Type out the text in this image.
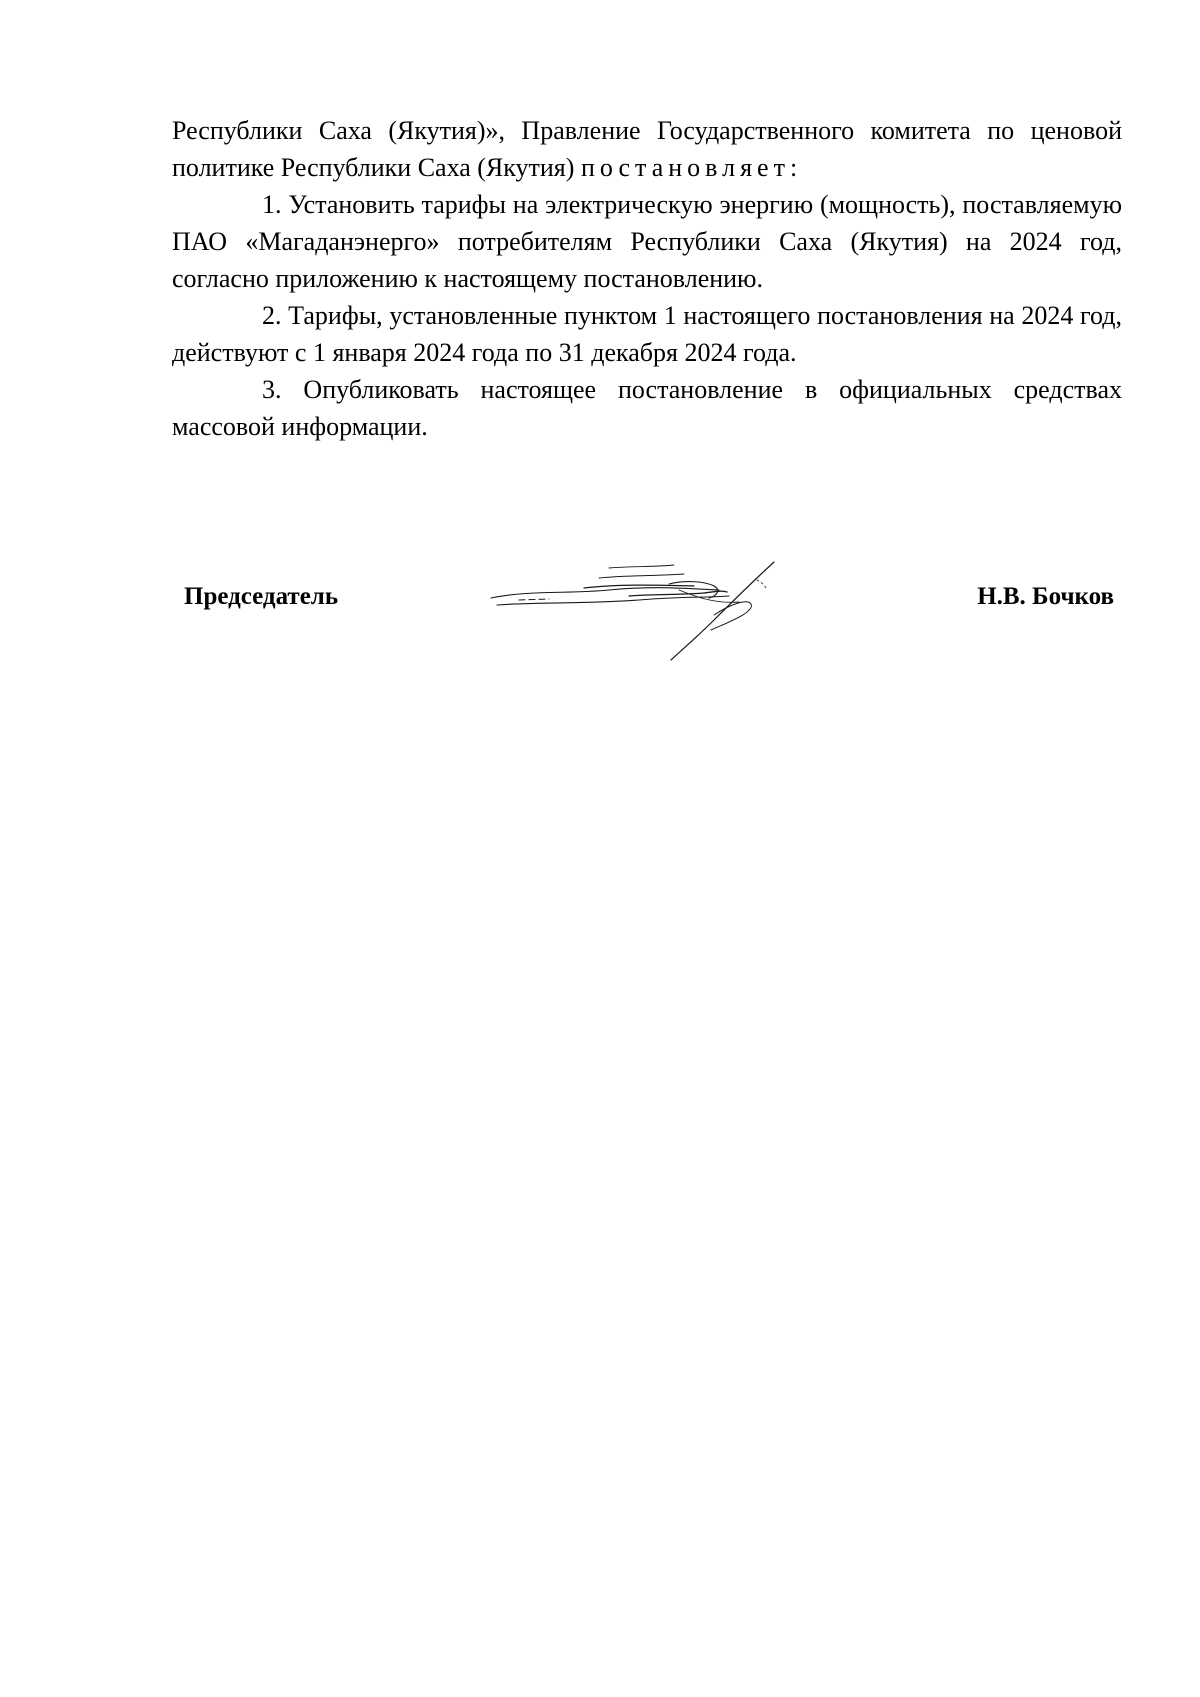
Республики Саха (Якутия)», Правление Государственного комитета по ценовой политике Республики Саха (Якутия) постановляет:

1. Установить тарифы на электрическую энергию (мощность), поставляемую ПАО «Магаданэнерго» потребителям Республики Саха (Якутия) на 2024 год, согласно приложению к настоящему постановлению.

2. Тарифы, установленные пунктом 1 настоящего постановления на 2024 год, действуют с 1 января 2024 года по 31 декабря 2024 года.

3. Опубликовать настоящее постановление в официальных средствах массовой информации.

Председатель	Н.В. Бочков
